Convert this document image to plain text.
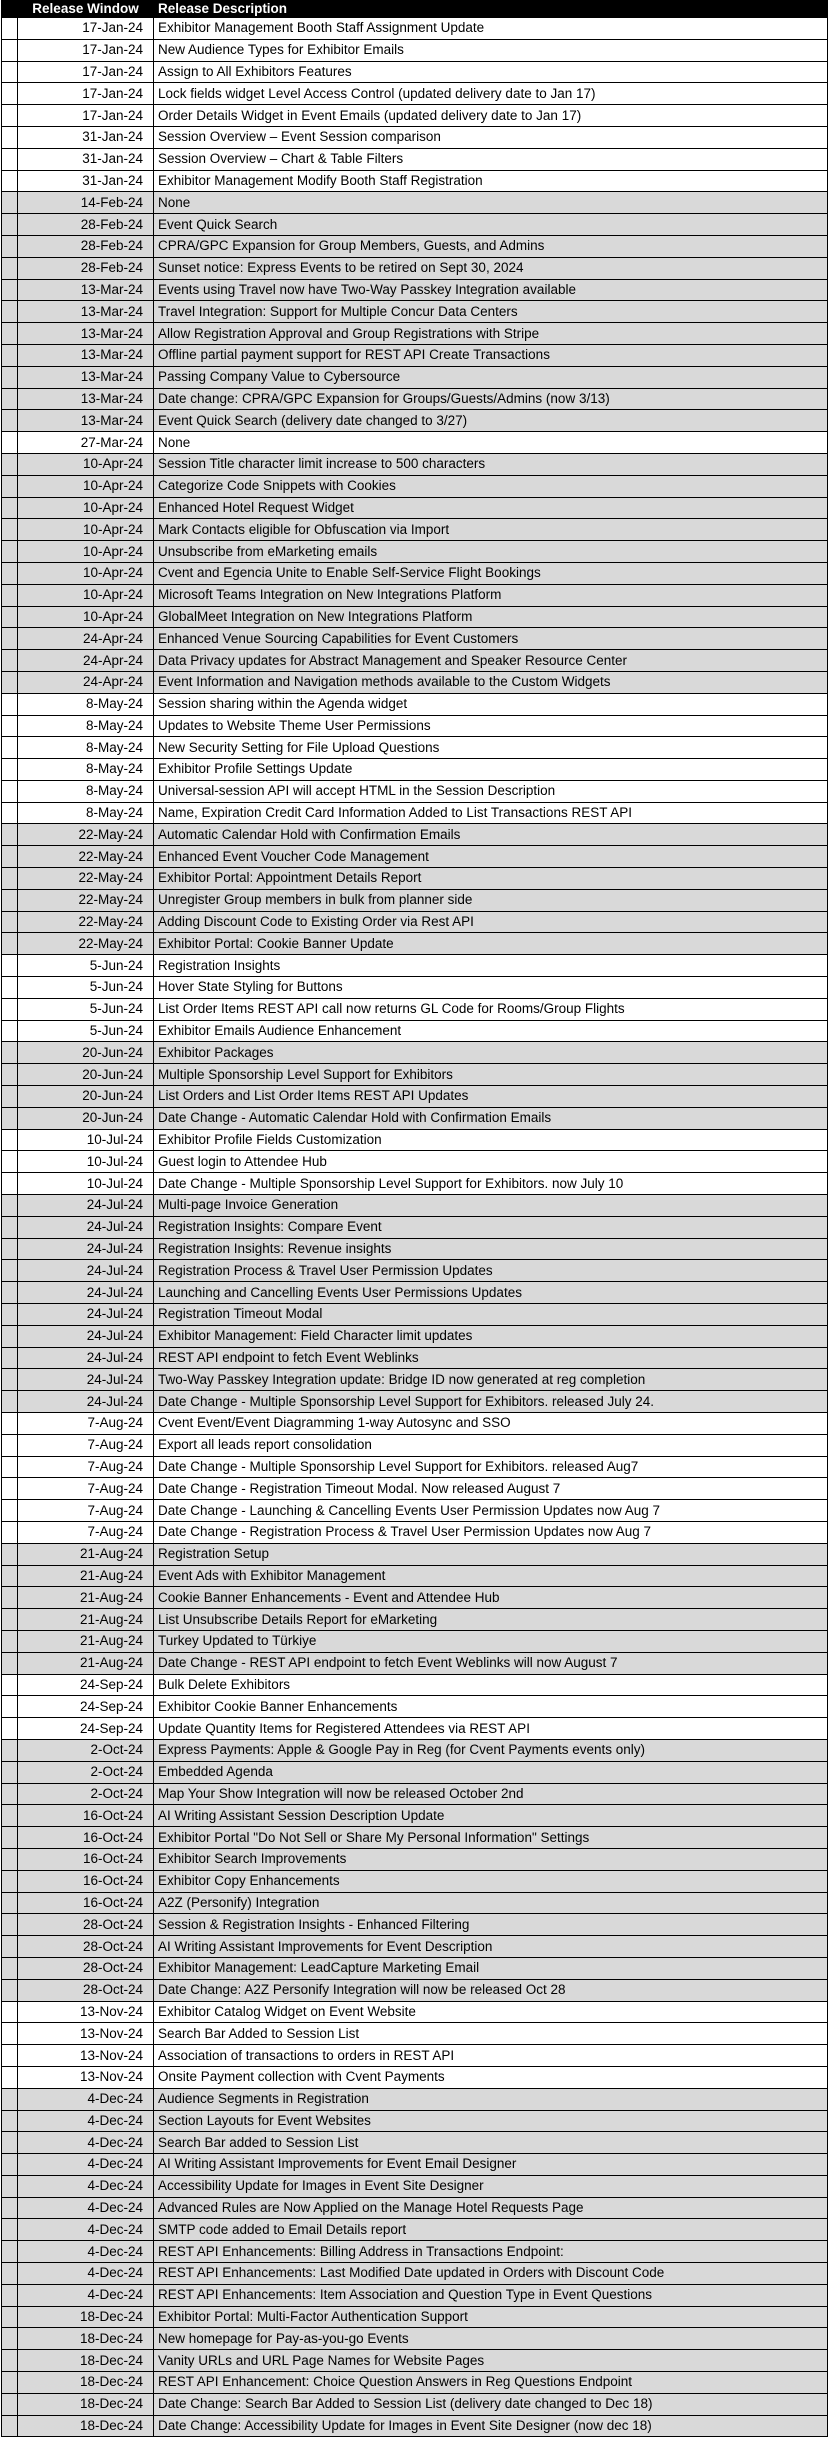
	Release Window	Release Description
	17-Jan-24	Exhibitor Management Booth Staff Assignment Update
	17-Jan-24	New Audience Types for Exhibitor Emails
	17-Jan-24	Assign to All Exhibitors Features
	17-Jan-24	Lock fields widget Level Access Control (updated delivery date to Jan 17)
	17-Jan-24	Order Details Widget in Event Emails (updated delivery date to Jan 17)
	31-Jan-24	Session Overview – Event Session comparison
	31-Jan-24	Session Overview – Chart & Table Filters
	31-Jan-24	Exhibitor Management Modify Booth Staff Registration
	14-Feb-24	None
	28-Feb-24	Event Quick Search
	28-Feb-24	CPRA/GPC Expansion for Group Members, Guests, and Admins
	28-Feb-24	Sunset notice: Express Events to be retired on Sept 30, 2024
	13-Mar-24	Events using Travel now have Two-Way Passkey Integration available
	13-Mar-24	Travel Integration: Support for Multiple Concur Data Centers
	13-Mar-24	Allow Registration Approval and Group Registrations with Stripe
	13-Mar-24	Offline partial payment support for REST API Create Transactions
	13-Mar-24	Passing Company Value to Cybersource
	13-Mar-24	Date change: CPRA/GPC Expansion for Groups/Guests/Admins (now 3/13)
	13-Mar-24	Event Quick Search (delivery date changed to 3/27)
	27-Mar-24	None
	10-Apr-24	Session Title character limit increase to 500 characters
	10-Apr-24	Categorize Code Snippets with Cookies
	10-Apr-24	Enhanced Hotel Request Widget
	10-Apr-24	Mark Contacts eligible for Obfuscation via Import
	10-Apr-24	Unsubscribe from eMarketing emails
	10-Apr-24	Cvent and Egencia Unite to Enable Self-Service Flight Bookings
	10-Apr-24	Microsoft Teams Integration on New Integrations Platform
	10-Apr-24	GlobalMeet Integration on New Integrations Platform
	24-Apr-24	Enhanced Venue Sourcing Capabilities for Event Customers
	24-Apr-24	Data Privacy updates for Abstract Management and Speaker Resource Center
	24-Apr-24	Event Information and Navigation methods available to the Custom Widgets
	8-May-24	Session sharing within the Agenda widget
	8-May-24	Updates to Website Theme User Permissions
	8-May-24	New Security Setting for File Upload Questions
	8-May-24	Exhibitor Profile Settings Update
	8-May-24	Universal-session API will accept HTML in the Session Description
	8-May-24	Name, Expiration Credit Card Information Added to List Transactions REST API
	22-May-24	Automatic Calendar Hold with Confirmation Emails
	22-May-24	Enhanced Event Voucher Code Management
	22-May-24	Exhibitor Portal: Appointment Details Report
	22-May-24	Unregister Group members in bulk from planner side
	22-May-24	Adding Discount Code to Existing Order via Rest API
	22-May-24	Exhibitor Portal: Cookie Banner Update
	5-Jun-24	Registration Insights
	5-Jun-24	Hover State Styling for Buttons
	5-Jun-24	List Order Items REST API call now returns GL Code for Rooms/Group Flights
	5-Jun-24	Exhibitor Emails Audience Enhancement
	20-Jun-24	Exhibitor Packages
	20-Jun-24	Multiple Sponsorship Level Support for Exhibitors
	20-Jun-24	List Orders and List Order Items REST API Updates
	20-Jun-24	Date Change - Automatic Calendar Hold with Confirmation Emails
	10-Jul-24	Exhibitor Profile Fields Customization
	10-Jul-24	Guest login to Attendee Hub
	10-Jul-24	Date Change - Multiple Sponsorship Level Support for Exhibitors. now July 10
	24-Jul-24	Multi-page Invoice Generation
	24-Jul-24	Registration Insights: Compare Event
	24-Jul-24	Registration Insights: Revenue insights
	24-Jul-24	Registration Process & Travel User Permission Updates
	24-Jul-24	Launching and Cancelling Events User Permissions Updates
	24-Jul-24	Registration Timeout Modal
	24-Jul-24	Exhibitor Management: Field Character limit updates
	24-Jul-24	REST API endpoint to fetch Event Weblinks
	24-Jul-24	Two-Way Passkey Integration update: Bridge ID now generated at reg completion
	24-Jul-24	Date Change - Multiple Sponsorship Level Support for Exhibitors. released July 24.
	7-Aug-24	Cvent Event/Event Diagramming 1-way Autosync and SSO
	7-Aug-24	Export all leads report consolidation
	7-Aug-24	Date Change - Multiple Sponsorship Level Support for Exhibitors. released Aug7
	7-Aug-24	Date Change - Registration Timeout Modal. Now released August 7
	7-Aug-24	Date Change - Launching & Cancelling Events User Permission Updates now Aug 7
	7-Aug-24	Date Change - Registration Process & Travel User Permission Updates now Aug 7
	21-Aug-24	Registration Setup
	21-Aug-24	Event Ads with Exhibitor Management
	21-Aug-24	Cookie Banner Enhancements - Event and Attendee Hub
	21-Aug-24	List Unsubscribe Details Report for eMarketing
	21-Aug-24	Turkey Updated to Türkiye
	21-Aug-24	Date Change - REST API endpoint to fetch Event Weblinks will now August 7
	24-Sep-24	Bulk Delete Exhibitors
	24-Sep-24	Exhibitor Cookie Banner Enhancements
	24-Sep-24	Update Quantity Items for Registered Attendees via REST API
	2-Oct-24	Express Payments: Apple & Google Pay in Reg (for Cvent Payments events only)
	2-Oct-24	Embedded Agenda
	2-Oct-24	Map Your Show Integration will now be released October 2nd
	16-Oct-24	AI Writing Assistant Session Description Update
	16-Oct-24	Exhibitor Portal "Do Not Sell or Share My Personal Information" Settings
	16-Oct-24	Exhibitor Search Improvements
	16-Oct-24	Exhibitor Copy Enhancements
	16-Oct-24	A2Z (Personify) Integration
	28-Oct-24	Session & Registration Insights - Enhanced Filtering
	28-Oct-24	AI Writing Assistant Improvements for Event Description
	28-Oct-24	Exhibitor Management: LeadCapture Marketing Email
	28-Oct-24	Date Change: A2Z Personify Integration will now be released Oct 28
	13-Nov-24	Exhibitor Catalog Widget on Event Website
	13-Nov-24	Search Bar Added to Session List
	13-Nov-24	Association of transactions to orders in REST API
	13-Nov-24	Onsite Payment collection with Cvent Payments
	4-Dec-24	Audience Segments in Registration
	4-Dec-24	Section Layouts for Event Websites
	4-Dec-24	Search Bar added to Session List
	4-Dec-24	AI Writing Assistant Improvements for Event Email Designer
	4-Dec-24	Accessibility Update for Images in Event Site Designer
	4-Dec-24	Advanced Rules are Now Applied on the Manage Hotel Requests Page
	4-Dec-24	SMTP code added to Email Details report
	4-Dec-24	REST API Enhancements: Billing Address in Transactions Endpoint:
	4-Dec-24	REST API Enhancements: Last Modified Date updated in Orders with Discount Code
	4-Dec-24	REST API Enhancements: Item Association and Question Type in Event Questions
	18-Dec-24	Exhibitor Portal: Multi-Factor Authentication Support
	18-Dec-24	New homepage for Pay-as-you-go Events
	18-Dec-24	Vanity URLs and URL Page Names for Website Pages
	18-Dec-24	REST API Enhancement: Choice Question Answers in Reg Questions Endpoint
	18-Dec-24	Date Change: Search Bar Added to Session List (delivery date changed to Dec 18)
	18-Dec-24	Date Change: Accessibility Update for Images in Event Site Designer (now dec 18)
